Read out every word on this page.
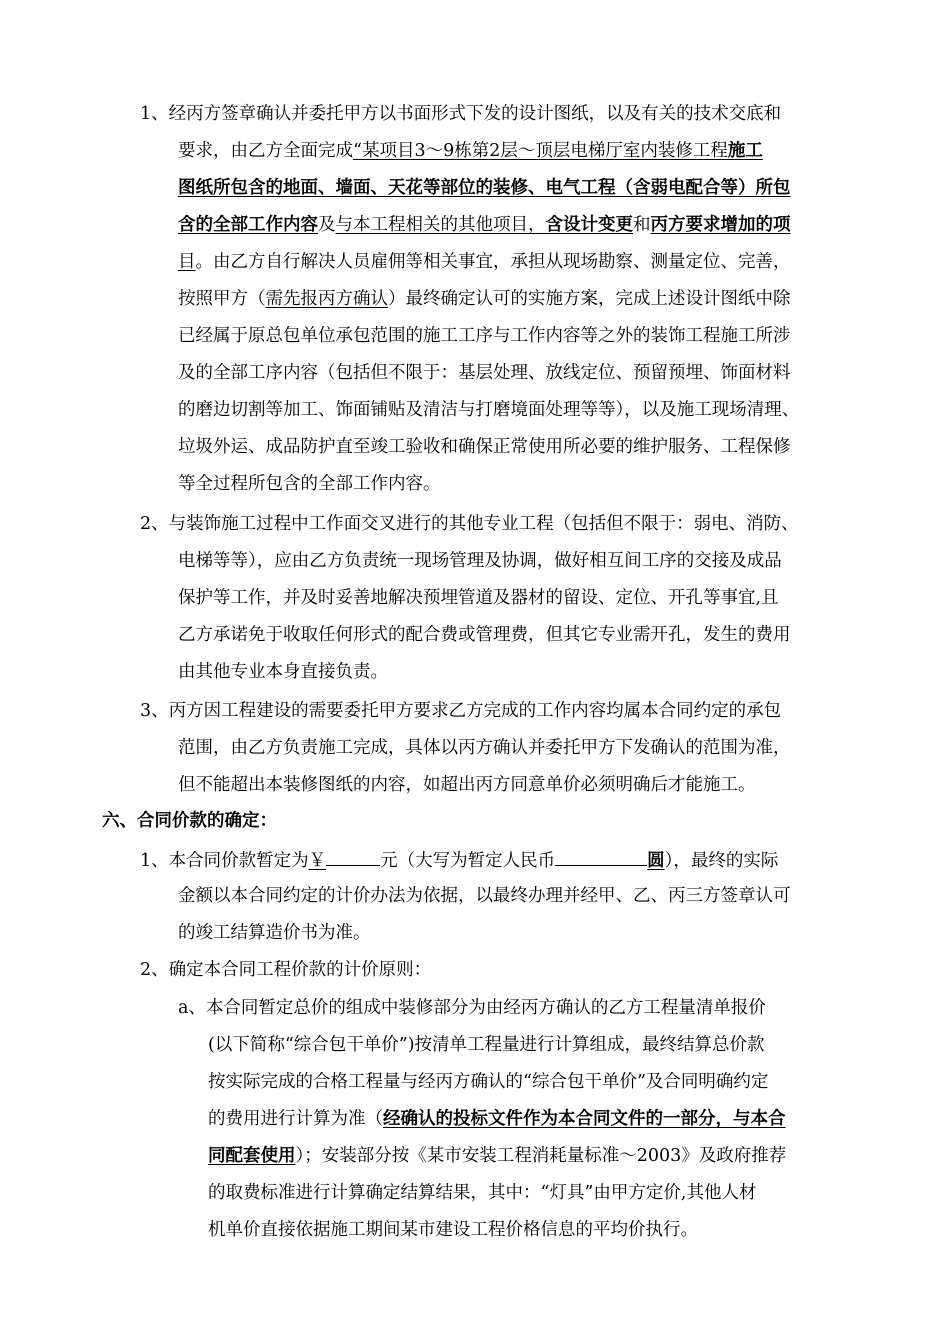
1、经丙方签章确认并委托甲方以书面形式下发的设计图纸，以及有关的技术交底和
要求，由乙方全面完成“某项目3～9栋第2层～顶层电梯厅室内装修工程施工
图纸所包含的地面、墙面、天花等部位的装修、电气工程（含弱电配合等）所包
含的全部工作内容及与本工程相关的其他项目，含设计变更和丙方要求增加的项
目。由乙方自行解决人员雇佣等相关事宜，承担从现场勘察、测量定位、完善，
按照甲方（需先报丙方确认）最终确定认可的实施方案，完成上述设计图纸中除
已经属于原总包单位承包范围的施工工序与工作内容等之外的装饰工程施工所涉
及的全部工序内容（包括但不限于：基层处理、放线定位、预留预埋、饰面材料
的磨边切割等加工、饰面铺贴及清洁与打磨境面处理等等），以及施工现场清理、
垃圾外运、成品防护直至竣工验收和确保正常使用所必要的维护服务、工程保修
等全过程所包含的全部工作内容。
2、与装饰施工过程中工作面交叉进行的其他专业工程（包括但不限于：弱电、消防、
电梯等等），应由乙方负责统一现场管理及协调，做好相互间工序的交接及成品
保护等工作，并及时妥善地解决预埋管道及器材的留设、定位、开孔等事宜,且
乙方承诺免于收取任何形式的配合费或管理费，但其它专业需开孔，发生的费用
由其他专业本身直接负责。
3、丙方因工程建设的需要委托甲方要求乙方完成的工作内容均属本合同约定的承包
范围，由乙方负责施工完成，具体以丙方确认并委托甲方下发确认的范围为准，
但不能超出本装修图纸的内容，如超出丙方同意单价必须明确后才能施工。
六、合同价款的确定：
1、本合同价款暂定为￥	元（大写为暂定人民币	圆），最终的实际
金额以本合同约定的计价办法为依据，以最终办理并经甲、乙、丙三方签章认可
的竣工结算造价书为准。
2、确定本合同工程价款的计价原则：
a、本合同暂定总价的组成中装修部分为由经丙方确认的乙方工程量清单报价
(以下简称“综合包干单价”)按清单工程量进行计算组成，最终结算总价款
按实际完成的合格工程量与经丙方确认的“综合包干单价”及合同明确约定
的费用进行计算为准（经确认的投标文件作为本合同文件的一部分，与本合
同配套使用）；安装部分按《某市安装工程消耗量标准～2003》及政府推荐
的取费标准进行计算确定结算结果，其中：“灯具”由甲方定价,其他人材
机单价直接依据施工期间某市建设工程价格信息的平均价执行。
